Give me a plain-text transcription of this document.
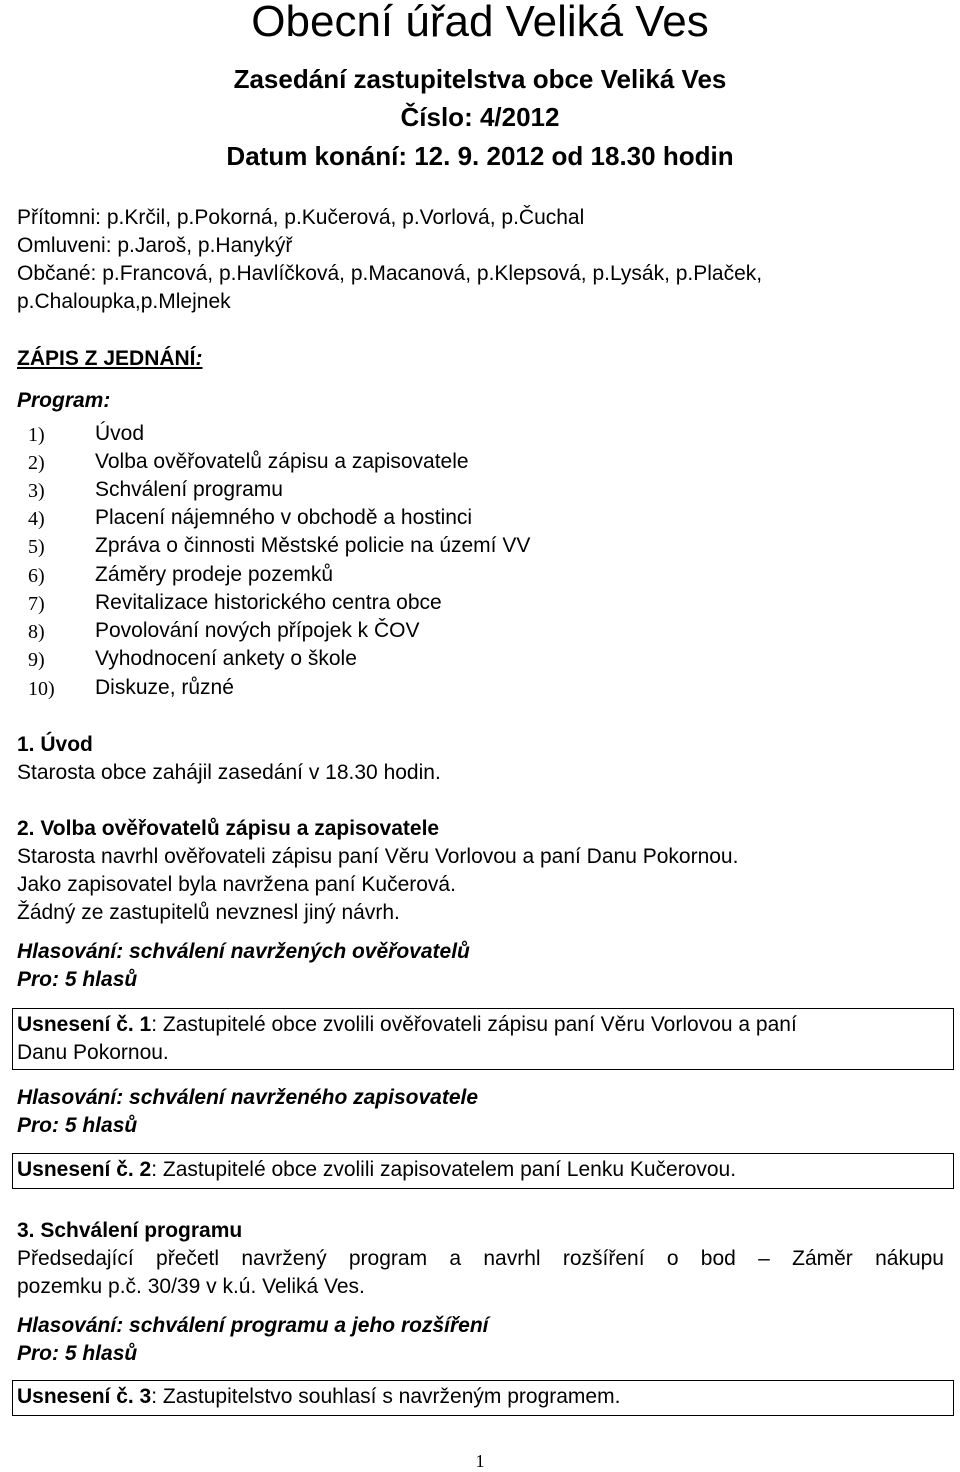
Obecní úřad Veliká Ves
Zasedání zastupitelstva obce Veliká Ves
Číslo: 4/2012
Datum konání: 12. 9. 2012 od 18.30 hodin
Přítomni: p.Krčil, p.Pokorná, p.Kučerová, p.Vorlová, p.Čuchal
Omluveni: p.Jaroš, p.Hanykýř
Občané: p.Francová, p.Havlíčková, p.Macanová, p.Klepsová, p.Lysák, p.Plaček,
p.Chaloupka,p.Mlejnek
ZÁPIS Z JEDNÁNÍ:
Program:
1) Úvod
2) Volba ověřovatelů zápisu a zapisovatele
3) Schválení programu
4) Placení nájemného v obchodě a hostinci
5) Zpráva o činnosti Městské policie na území VV
6) Záměry prodeje pozemků
7) Revitalizace historického centra obce
8) Povolování nových přípojek k ČOV
9) Vyhodnocení ankety o škole
10) Diskuze, různé
1. Úvod
Starosta obce zahájil zasedání v 18.30 hodin.
2. Volba ověřovatelů zápisu a zapisovatele
Starosta navrhl ověřovateli zápisu paní Věru Vorlovou a paní Danu Pokornou.
Jako zapisovatel byla navržena paní Kučerová.
Žádný ze zastupitelů nevznesl jiný návrh.
Hlasování: schválení navržených ověřovatelů
Pro: 5 hlasů
Usnesení č. 1: Zastupitelé obce zvolili ověřovateli zápisu paní Věru Vorlovou a paní
Danu Pokornou.
Hlasování: schválení navrženého zapisovatele
Pro: 5 hlasů
Usnesení č. 2: Zastupitelé obce zvolili zapisovatelem paní Lenku Kučerovou.
3. Schválení programu
Předsedající přečetl navržený program a navrhl rozšíření o bod – Záměr nákupu
pozemku p.č. 30/39 v k.ú. Veliká Ves.
Hlasování: schválení programu a jeho rozšíření
Pro: 5 hlasů
Usnesení č. 3: Zastupitelstvo souhlasí s navrženým programem.
1
